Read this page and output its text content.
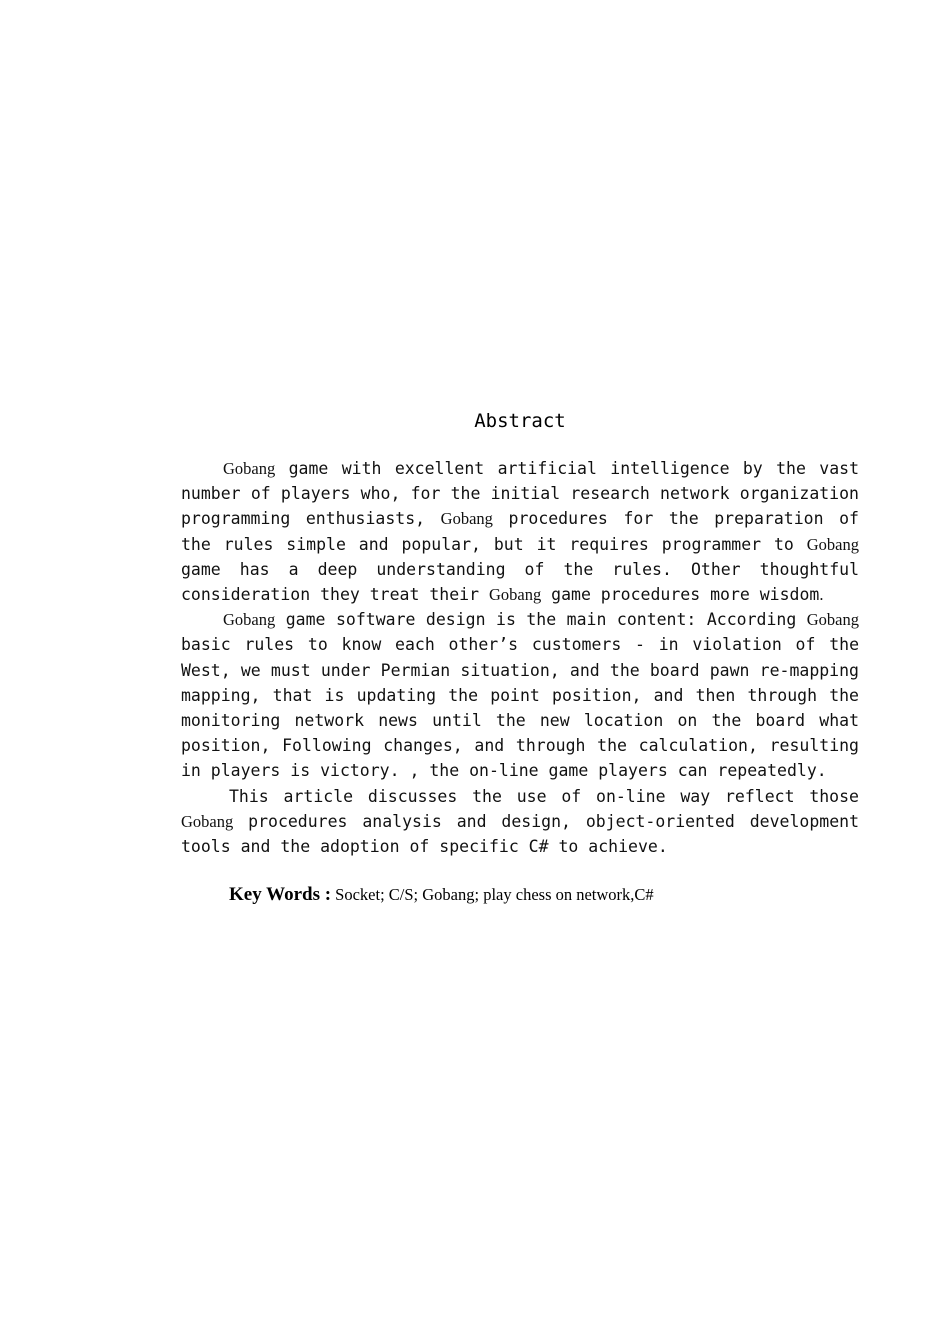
Abstract

Gobang game with excellent artificial intelligence by the vast number of players who, for the initial research network organization programming enthusiasts, Gobang procedures for the preparation of the rules simple and popular, but it requires programmer to Gobang game has a deep understanding of the rules. Other thoughtful consideration they treat their Gobang game procedures more wisdom.

Gobang game software design is the main content: According Gobang basic rules to know each other’s customers - in violation of the West, we must under Permian situation, and the board pawn re-mapping mapping, that is updating the point position, and then through the monitoring network news until the new location on the board what position, Following changes, and through the calculation, resulting in players is victory. , the on-line game players can repeatedly.

This article discusses the use of on-line way reflect those Gobang procedures analysis and design, object-oriented development tools and the adoption of specific C# to achieve.

Key Words : Socket; C/S; Gobang; play chess on network,C#
